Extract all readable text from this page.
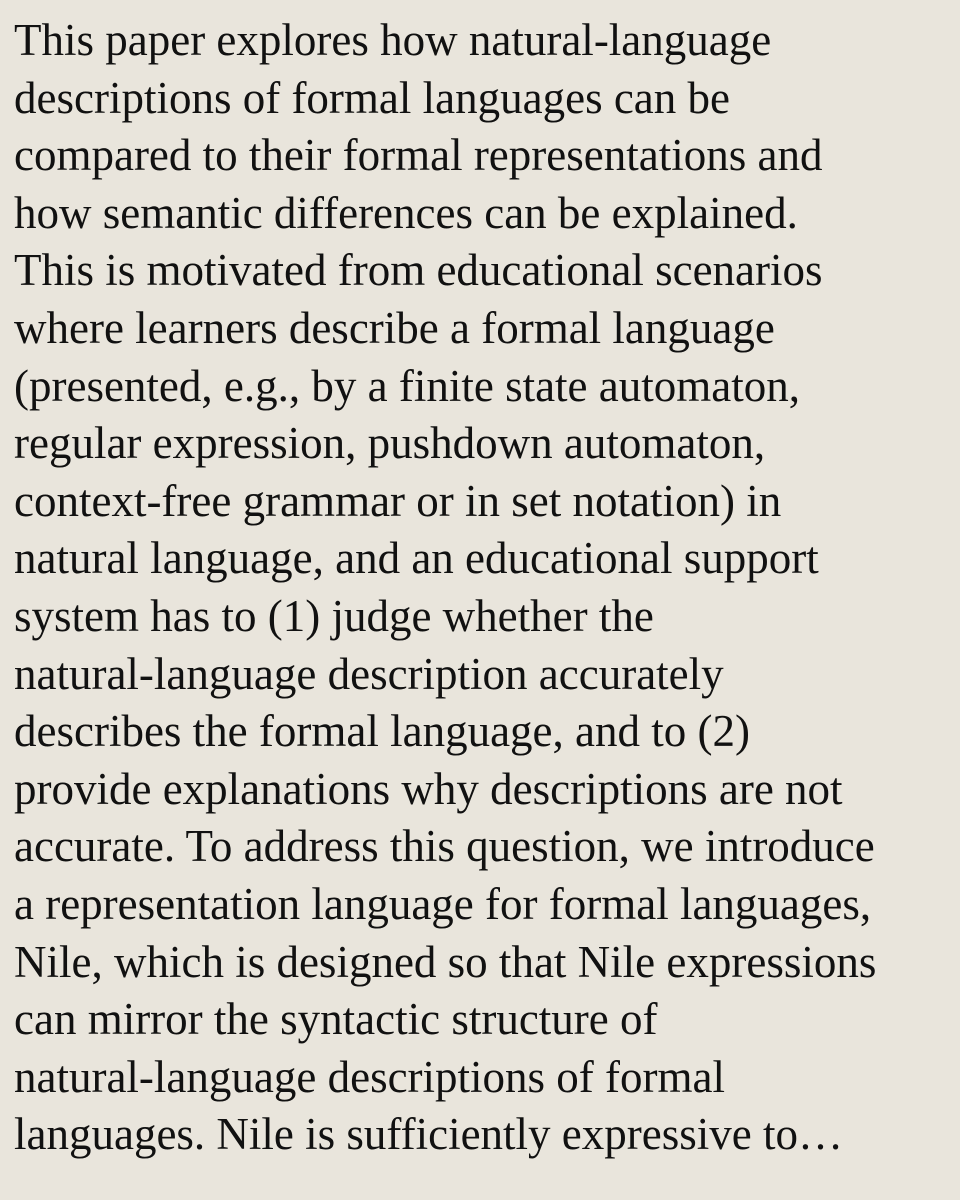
This paper explores how natural-language
descriptions of formal languages can be
compared to their formal representations and
how semantic differences can be explained.
This is motivated from educational scenarios
where learners describe a formal language
(presented, e.g., by a finite state automaton,
regular expression, pushdown automaton,
context-free grammar or in set notation) in
natural language, and an educational support
system has to (1) judge whether the
natural-language description accurately
describes the formal language, and to (2)
provide explanations why descriptions are not
accurate. To address this question, we introduce
a representation language for formal languages,
Nile, which is designed so that Nile expressions
can mirror the syntactic structure of
natural-language descriptions of formal
languages. Nile is sufficiently expressive to…
